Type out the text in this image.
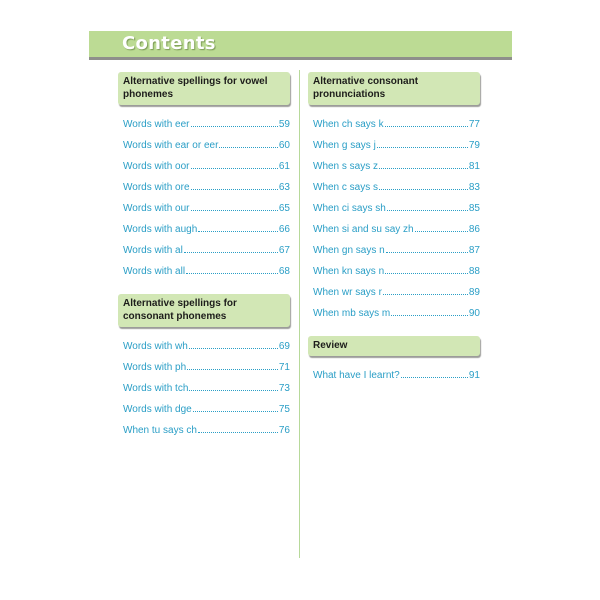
Contents
Alternative spellings for vowel phonemes
Words with eer	59
Words with ear or eer	60
Words with oor	61
Words with ore	63
Words with our	65
Words with augh	66
Words with al	67
Words with all	68
Alternative spellings for consonant phonemes
Words with wh	69
Words with ph	71
Words with tch	73
Words with dge	75
When tu says ch	76
Alternative consonant pronunciations
When ch says k	77
When g says j	79
When s says z	81
When c says s	83
When ci says sh	85
When si and su say zh	86
When gn says n	87
When kn says n	88
When wr says r	89
When mb says m	90
Review
What have I learnt?	91
